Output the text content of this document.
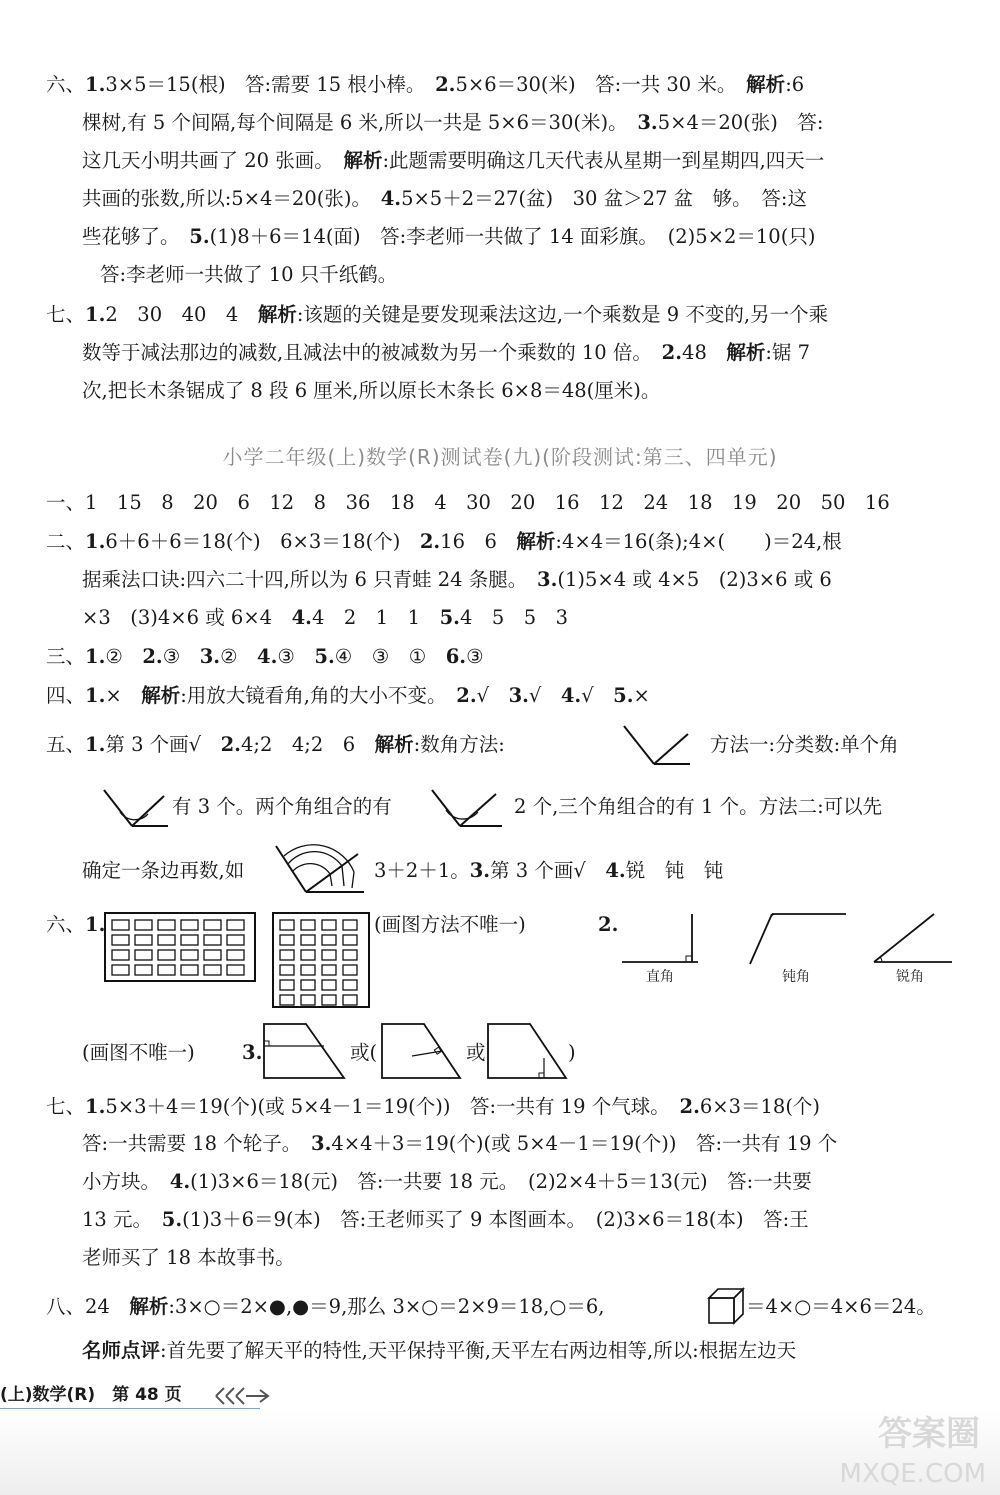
六、1.3×5＝15(根)　答:需要 15 根小棒。　2.5×6＝30(米)　答:一共 30 米。　解析:6
棵树,有 5 个间隔,每个间隔是 6 米,所以一共是 5×6＝30(米)。　3.5×4＝20(张)　答:
这几天小明共画了 20 张画。　解析:此题需要明确这几天代表从星期一到星期四,四天一
共画的张数,所以:5×4＝20(张)。　4.5×5＋2＝27(盆)　30 盆＞27 盆　够。　答:这
些花够了。　5.(1)8＋6＝14(面)　答:李老师一共做了 14 面彩旗。　(2)5×2＝10(只)
答:李老师一共做了 10 只千纸鹤。
七、1.2　30　40　4　解析:该题的关键是要发现乘法这边,一个乘数是 9 不变的,另一个乘
数等于减法那边的减数,且减法中的被减数为另一个乘数的 10 倍。　2.48　解析:锯 7
次,把长木条锯成了 8 段 6 厘米,所以原长木条长 6×8＝48(厘米)。
小学二年级(上)数学(R)测试卷(九)(阶段测试:第三、四单元)
一、1　15　8　20　6　12　8　36　18　4　30　20　16　12　24　18　19　20　50　16
二、1.6＋6＋6＝18(个)　6×3＝18(个)　2.16　6　解析:4×4＝16(条);4×(　　)＝24,根
据乘法口诀:四六二十四,所以为 6 只青蛙 24 条腿。　3.(1)5×4 或 4×5　(2)3×6 或 6
×3　(3)4×6 或 6×4　4.4　2　1　1　5.4　5　5　3
三、1.②　2.③　3.②　4.③　5.④　③　①　6.③
四、1.×　解析:用放大镜看角,角的大小不变。　2.√　3.√　4.√　5.×
五、1.第 3 个画√　2.4;2　4;2　6　解析:数角方法:	方法一:分类数:单个角
有 3 个。两个角组合的有	2 个,三个角组合的有 1 个。方法二:可以先
确定一条边再数,如	3＋2＋1。3.第 3 个画√　4.锐　钝　钝
六、1.	(画图方法不唯一)	2.
直角	钝角	锐角
(画图不唯一)	3.	或(	或	)
七、1.5×3＋4＝19(个)(或 5×4－1＝19(个))　答:一共有 19 个气球。　2.6×3＝18(个)
答:一共需要 18 个轮子。　3.4×4＋3＝19(个)(或 5×4－1＝19(个))　答:一共有 19 个
小方块。　4.(1)3×6＝18(元)　答:一共要 18 元。　(2)2×4＋5＝13(元)　答:一共要
13 元。　5.(1)3＋6＝9(本)　答:王老师买了 9 本图画本。　(2)3×6＝18(本)　答:王
老师买了 18 本故事书。
八、24　解析:3×○＝2×●,●＝9,那么 3×○＝2×9＝18,○＝6,	＝4×○＝4×6＝24。
名师点评:首先要了解天平的特性,天平保持平衡,天平左右两边相等,所以:根据左边天
(上)数学(R)　第 48 页
答案圈
MXQE.COM
